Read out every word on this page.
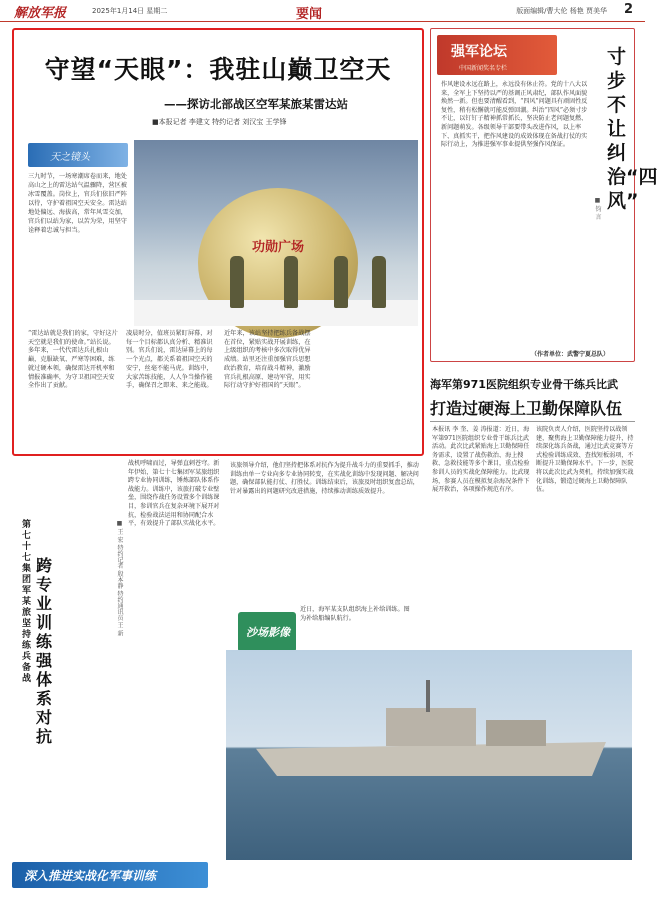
解放军报	2025年1月14日 星期二	要闻	版面编辑/曹大伦 杨艳 贾美华 2
守望“天眼”：我驻山巅卫空天
——探访北部战区空军某旅某雷达站
■本报记者 李建文 特约记者 刘汉宝 王学锋
天之镜头
三九时节，一场寒潮席卷而来，地处高山之上的雷达站气温骤降，营区被冰雪覆盖。岗位上，官兵们依旧严阵以待，守护着祖国空天安全。雷达站地处偏远、海拔高，常年风雪交加，官兵们以站为家，以苦为荣，用坚守诠释着忠诚与担当。
功勋广场
“雷达站就是我们的家，守好这片天空就是我们的使命。”站长说。多年来，一代代雷达兵扎根山巅，克服缺氧、严寒等困难，练就过硬本领，确保雷达开机率和情报准确率，为守卫祖国空天安全作出了贡献。
凌晨时分，值班员紧盯屏幕，对每一个目标都认真分析、精准识别。官兵们说，雷达屏幕上的每一个光点，都关系着祖国空天的安宁，丝毫不能马虎。训练中，大家苦练技能，人人争当操作能手，确保召之即来、来之能战。
近年来，该站坚持把练兵备战摆在首位，紧贴实战开展训练，在上级组织的考核中多次取得优异成绩。站里还注重加强官兵思想政治教育，培育战斗精神，激励官兵扎根高原、建功军营，用实际行动守护好祖国的“天眼”。
强军论坛
中国新闻奖名专栏
寸步不让纠治“四风”
■ 钧 言
作风建设永远在路上，永远没有休止符。党的十八大以来，全军上下坚持以严的基调正风肃纪，部队作风面貌焕然一新。但也要清醒看到，“四风”问题具有顽固性反复性，稍有松懈就可能反弹回潮。纠治“四风”必须寸步不让，以钉钉子精神抓常抓长，坚决防止老问题复燃、新问题萌发。各级领导干部要带头改进作风，以上率下、真抓实干，把作风建设的成效体现在备战打仗的实际行动上，为推进强军事业提供坚强作风保证。
（作者单位：武警宁夏总队）
海军第971医院组织专业骨干练兵比武
打造过硬海上卫勤保障队伍
本报讯 李 奎、姜 涛报道：近日，海军第971医院组织专业骨干练兵比武活动。此次比武紧贴海上卫勤保障任务需求，设置了战伤救治、海上搜救、急救技能等多个课目，重点检验参训人员的实战化保障能力。比武现场，参赛人员在模拟复杂海况条件下展开救治，各项操作规范有序。
该院负责人介绍，医院坚持以战领建，聚焦海上卫勤保障能力提升，持续深化练兵备战，通过比武竞赛等方式检验训练成效、查找短板弱项，不断提升卫勤保障水平。下一步，医院将以此次比武为契机，持续加强实战化训练，锻造过硬海上卫勤保障队伍。
第七十七集团军某旅坚持练兵备战
跨专业训练 强体系对抗
■ 王 宏 特约记者 殷本静 特约通讯员 王 新
战机呼啸而过，导弹直刺苍穹。新年伊始，第七十七集团军某旅组织跨专业协同训练，锤炼部队体系作战能力。训练中，该旅打破专业壁垒，围绕作战任务设置多个训练课目，参训官兵在复杂环境下展开对抗，检验战法运用和协同配合水平，有效提升了部队实战化水平。
该旅领导介绍，他们坚持把体系对抗作为提升战斗力的重要抓手，推动训练由单一专业向多专业协同转变，在实战化训练中发现问题、解决问题，确保部队能打仗、打胜仗。训练结束后，该旅及时组织复盘总结，针对暴露出的问题研究改进措施，持续推动训练质效提升。
沙场影像
近日，海军某支队组织海上补给训练。图为补给船编队航行。
深入推进实战化军事训练
